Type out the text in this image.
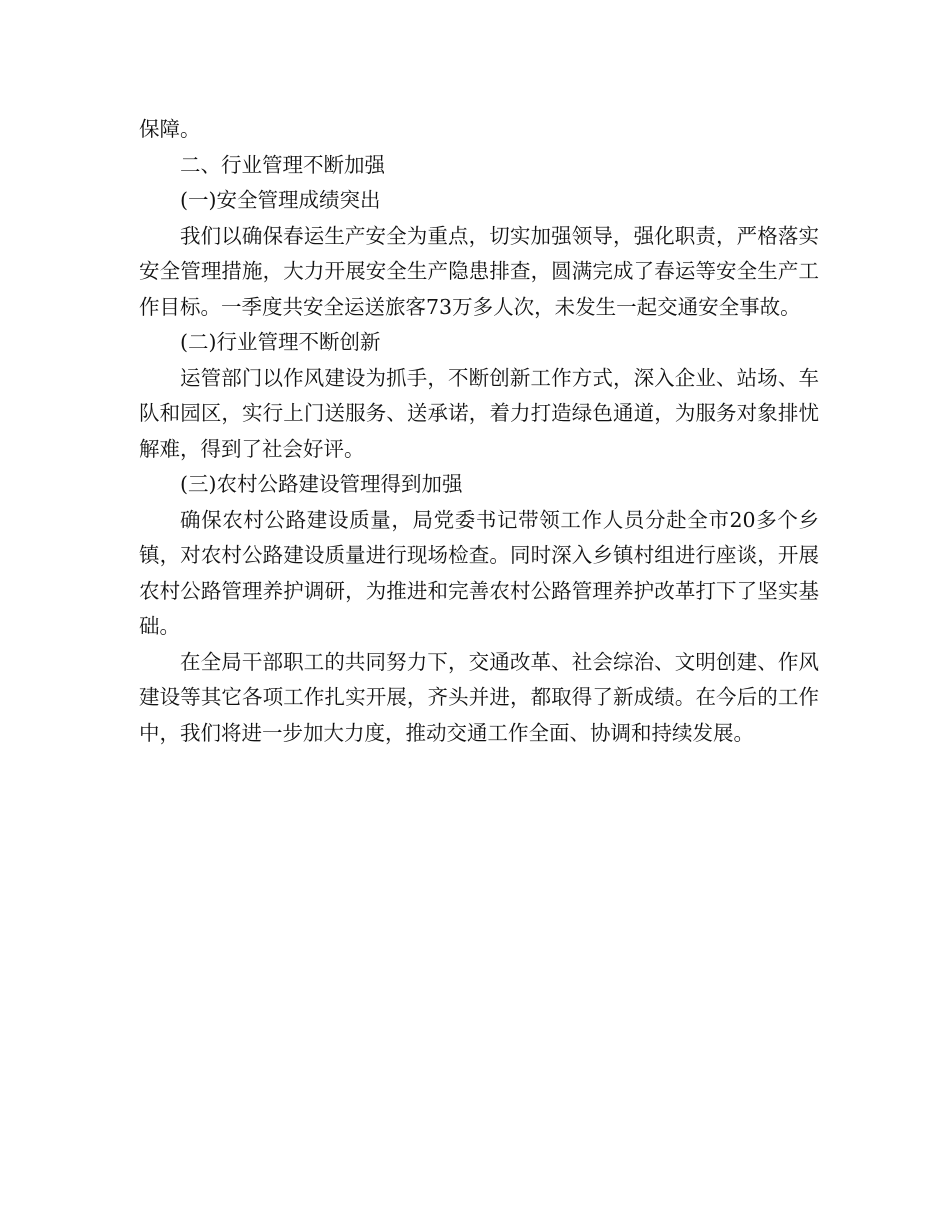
保障。

二、行业管理不断加强

(一)安全管理成绩突出

我们以确保春运生产安全为重点，切实加强领导，强化职责，严格落实安全管理措施，大力开展安全生产隐患排查，圆满完成了春运等安全生产工作目标。一季度共安全运送旅客73万多人次，未发生一起交通安全事故。

(二)行业管理不断创新

运管部门以作风建设为抓手，不断创新工作方式，深入企业、站场、车队和园区，实行上门送服务、送承诺，着力打造绿色通道，为服务对象排忧解难，得到了社会好评。

(三)农村公路建设管理得到加强

确保农村公路建设质量，局党委书记带领工作人员分赴全市20多个乡镇，对农村公路建设质量进行现场检查。同时深入乡镇村组进行座谈，开展农村公路管理养护调研，为推进和完善农村公路管理养护改革打下了坚实基础。

在全局干部职工的共同努力下，交通改革、社会综治、文明创建、作风建设等其它各项工作扎实开展，齐头并进，都取得了新成绩。在今后的工作中，我们将进一步加大力度，推动交通工作全面、协调和持续发展。
